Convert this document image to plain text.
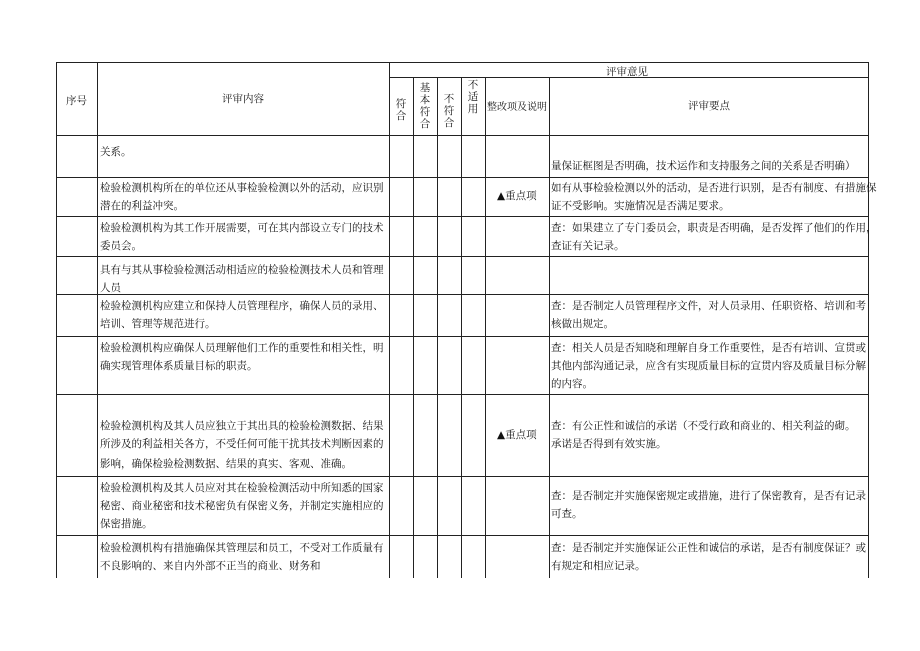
序号	评审内容
评审意见
符合
基本符合
不符合
不适用 整改项及说明	评审要点
关系。
量保证框图是否明确，技术运作和支持服务之间的关系是否明确）
检验检测机构所在的单位还从事检验检测以外的活动，应识别
潜在的利益冲突。
▲重点项
如有从事检验检测以外的活动，是否进行识别，是否有制度、有措施保
证不受影响。实施情况是否满足要求。
检验检测机构为其工作开展需要，可在其内部设立专门的技术
委员会。
查：如果建立了专门委员会，职责是否明确，是否发挥了他们的作用，
查证有关记录。
具有与其从事检验检测活动相适应的检验检测技术人员和管理
人员
检验检测机构应建立和保持人员管理程序，确保人员的录用、
培训、管理等规范进行。
查：是否制定人员管理程序文件，对人员录用、任职资格、培训和考
核做出规定。
检验检测机构应确保人员理解他们工作的重要性和相关性，明
确实现管理体系质量目标的职责。
查：相关人员是否知晓和理解自身工作重要性，是否有培训、宣贯或
其他内部沟通记录，应含有实现质量目标的宣贯内容及质量目标分解
的内容。
检验检测机构及其人员应独立于其出具的检验检测数据、结果
所涉及的利益相关各方，不受任何可能干扰其技术判断因素的
影响，确保检验检测数据、结果的真实、客观、准确。
▲重点项
查：有公正性和诚信的承诺（不受行政和商业的、相关利益的砌。
承诺是否得到有效实施。
检验检测机构及其人员应对其在检验检测活动中所知悉的国家
秘密、商业秘密和技术秘密负有保密义务，并制定实施相应的
保密措施。
查：是否制定并实施保密规定或措施，进行了保密教育，是否有记录
可查。
检验检测机构有措施确保其管理层和员工，不受对工作质量有
不良影响的、来自内外部不正当的商业、财务和
查：是否制定并实施保证公正性和诚信的承诺，是否有制度保证？或
有规定和相应记录。
